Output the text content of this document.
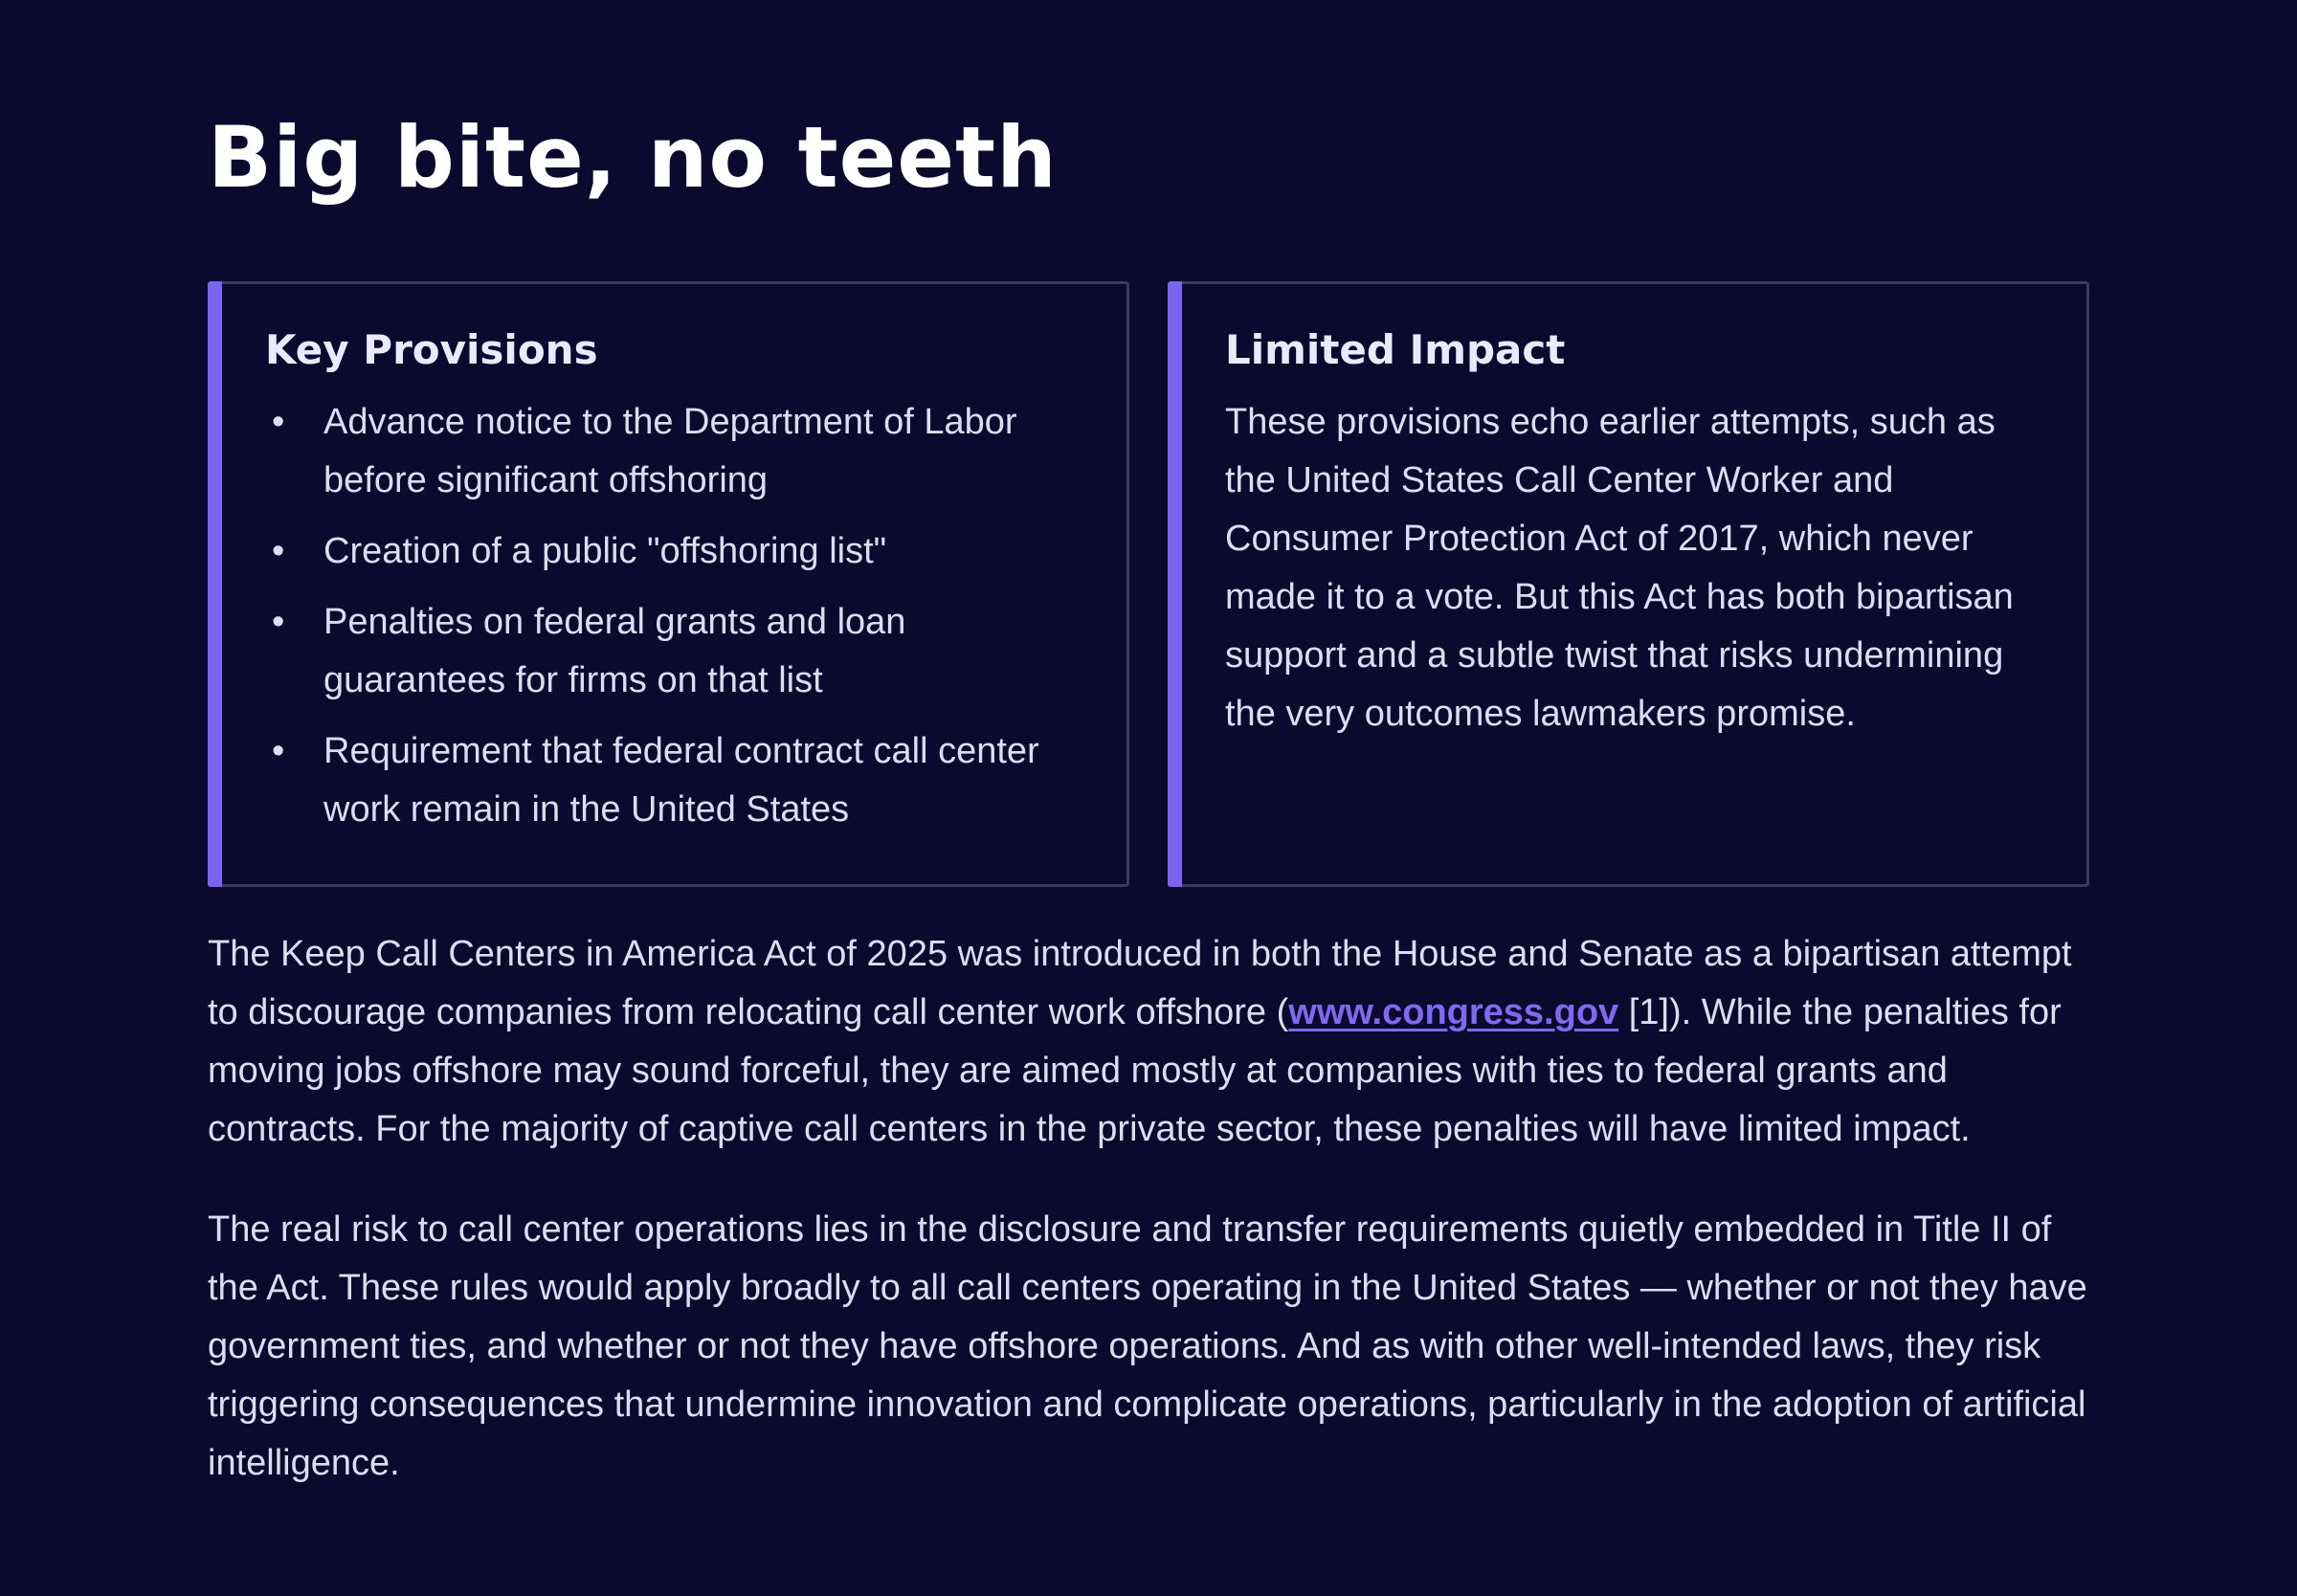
Big bite, no teeth
Key Provisions
• Advance notice to the Department of Labor before significant offshoring
• Creation of a public "offshoring list"
• Penalties on federal grants and loan guarantees for firms on that list
• Requirement that federal contract call center work remain in the United States
Limited Impact

These provisions echo earlier attempts, such as the United States Call Center Worker and Consumer Protection Act of 2017, which never made it to a vote. But this Act has both bipartisan support and a subtle twist that risks undermining the very outcomes lawmakers promise.

The Keep Call Centers in America Act of 2025 was introduced in both the House and Senate as a bipartisan attempt to discourage companies from relocating call center work offshore (www.congress.gov [1]). While the penalties for moving jobs offshore may sound forceful, they are aimed mostly at companies with ties to federal grants and contracts. For the majority of captive call centers in the private sector, these penalties will have limited impact.

The real risk to call center operations lies in the disclosure and transfer requirements quietly embedded in Title II of the Act. These rules would apply broadly to all call centers operating in the United States — whether or not they have government ties, and whether or not they have offshore operations. And as with other well-intended laws, they risk triggering consequences that undermine innovation and complicate operations, particularly in the adoption of artificial intelligence.
